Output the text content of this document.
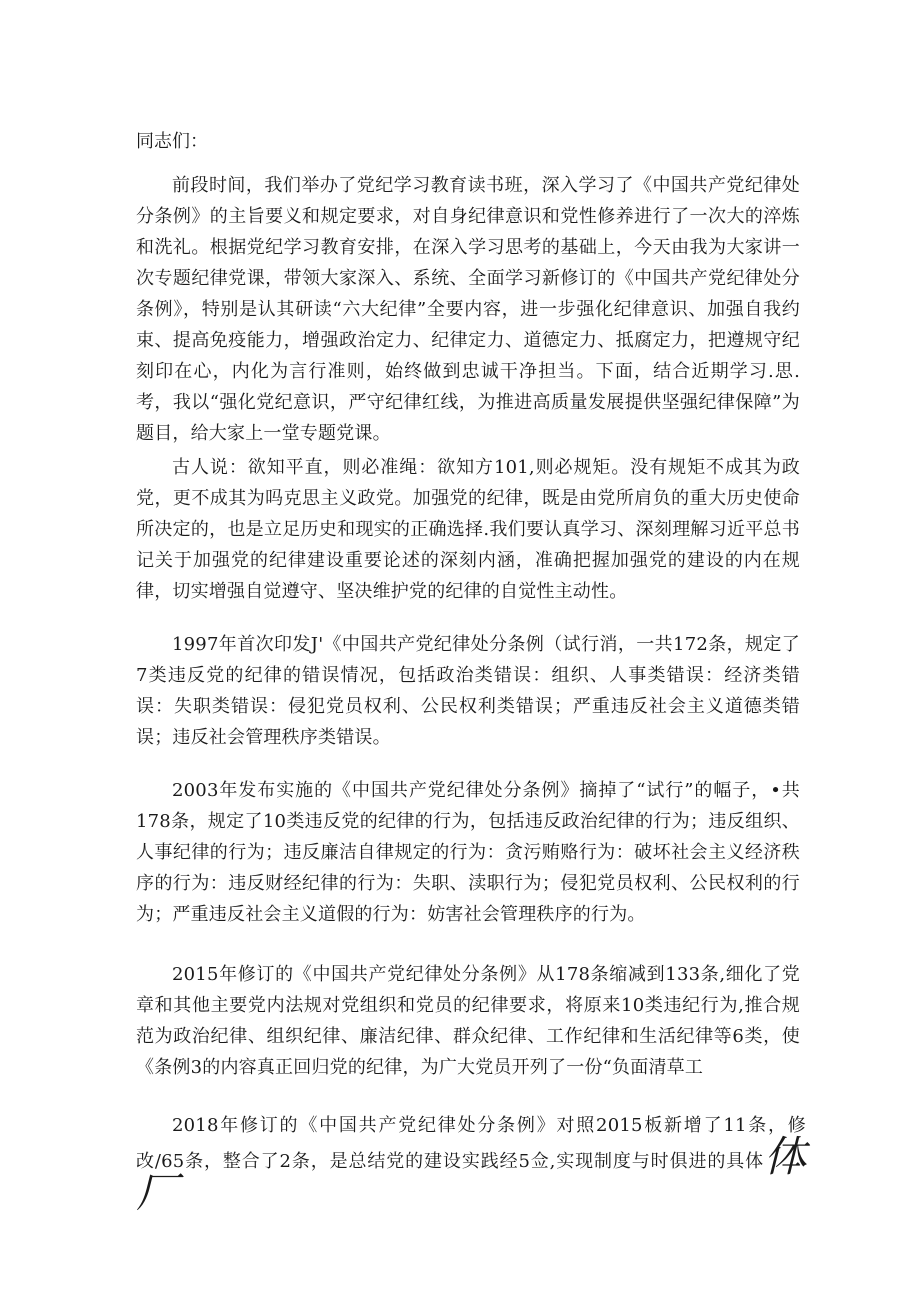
同志们：

前段时间，我们举办了党纪学习教育读书班，深入学习了《中国共产党纪律处分条例》的主旨要义和规定要求，对自身纪律意识和党性修养进行了一次大的淬炼和洗礼。根据党纪学习教育安排，在深入学习思考的基础上，今天由我为大家讲一次专题纪律党课，带领大家深入、系统、全面学习新修订的《中国共产党纪律处分条例》，特别是认其研读“六大纪律”全要内容，进一步强化纪律意识、加强自我约束、提高免疫能力，增强政治定力、纪律定力、道德定力、抵腐定力，把遵规守纪刻印在心，内化为言行准则，始终做到忠诚干净担当。下面，结合近期学习.思.考，我以“强化党纪意识，严守纪律红线，为推进高质量发展提供坚强纪律保障”为题目，给大家上一堂专题党课。

古人说：欲知平直，则必准绳：欲知方101,则必规矩。没有规矩不成其为政党，更不成其为吗克思主义政党。加强党的纪律，既是由党所肩负的重大历史使命所决定的，也是立足历史和现实的正确选择.我们要认真学习、深刻理解习近平总书记关于加强党的纪律建设重要论述的深刻内涵，准确把握加强党的建设的内在规律，切实增强自觉遵守、坚决维护党的纪律的自觉性主动性。

1997年首次印发J'《中国共产党纪律处分条例（试行消，一共172条，规定了7类违反党的纪律的错误情况，包括政治类错误：组织、人事类错误：经济类错误：失职类错误：侵犯党员权利、公民权利类错误；严重违反社会主义道德类错误；违反社会管理秩序类错误。

2003年发布实施的《中国共产党纪律处分条例》摘掉了“试行”的幅子，•共178条，规定了10类违反党的纪律的行为，包括违反政治纪律的行为；违反组织、人事纪律的行为；违反廉洁自律规定的行为：贪污贿赂行为：破坏社会主义经济秩序的行为：违反财经纪律的行为：失职、渎职行为；侵犯党员权利、公民权利的行为；严重违反社会主义道假的行为：妨害社会管理秩序的行为。

2015年修订的《中国共产党纪律处分条例》从178条缩减到133条,细化了党章和其他主要党内法规对党组织和党员的纪律要求，将原来10类违纪行为,推合规范为政治纪律、组织纪律、廉洁纪律、群众纪律、工作纪律和生活纪律等6类，使《条例3的内容真正回归党的纪律，为广大党员开列了一份“负面清草工

2018年修订的《中国共产党纪律处分条例》对照2015板新增了11条，修改/65条，整合了2条，是总结党的建设实践经5佥,实现制度与时俱进的具体体厂
